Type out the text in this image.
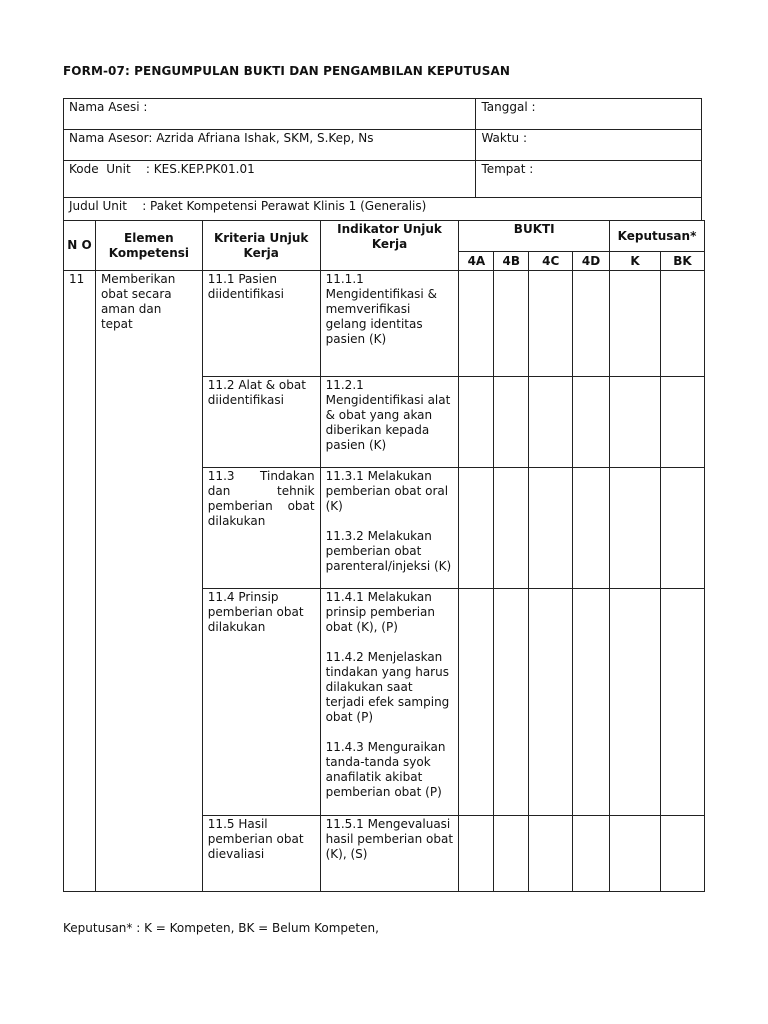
FORM-07: PENGUMPULAN BUKTI DAN PENGAMBILAN KEPUTUSAN
Nama Asesi :	Tanggal :
Nama Asesor: Azrida Afriana Ishak, SKM, S.Kep, Ns	Waktu :
Kode  Unit    : KES.KEP.PK01.01	Tempat :
Judul Unit    : Paket Kompetensi Perawat Klinis 1 (Generalis)	
N O	Elemen Kompetensi	Kriteria Unjuk Kerja	Indikator Unjuk Kerja	BUKTI				Keputusan*	
				4A	4B	4C	4D	K	BK
11	Memberikan obat secara aman dan tepat	11.1 Pasien diidentifikasi	11.1.1 Mengidentifikasi & memverifikasi gelang identitas pasien (K)						
		11.2 Alat & obat diidentifikasi	11.2.1 Mengidentifikasi alat & obat yang akan diberikan kepada pasien (K)						
		11.3 Tindakan dan tehnik pemberian obat dilakukan	11.3.1 Melakukan pemberian obat oral (K)
11.3.2 Melakukan pemberian obat parenteral/injeksi (K)						
		11.4 Prinsip pemberian obat dilakukan	11.4.1 Melakukan prinsip pemberian obat (K), (P)
11.4.2 Menjelaskan tindakan yang harus dilakukan saat terjadi efek samping obat (P)
11.4.3 Menguraikan tanda-tanda syok anafilatik akibat pemberian obat (P)						
		11.5 Hasil pemberian obat dievaliasi	11.5.1 Mengevaluasi hasil pemberian obat (K), (S)						
Keputusan* : K = Kompeten, BK = Belum Kompeten,
